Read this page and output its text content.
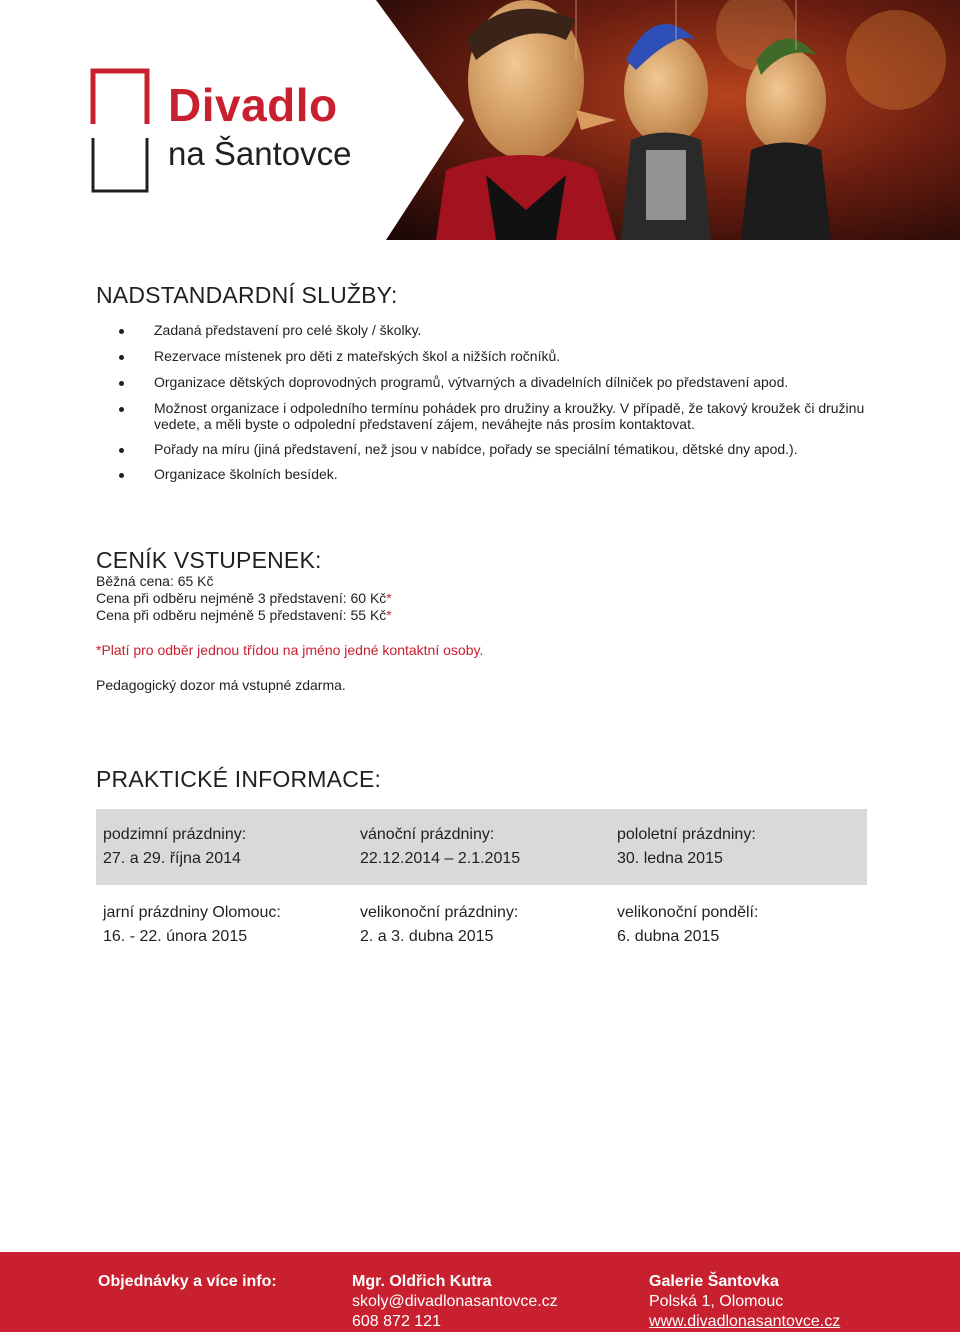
Divadlo
na Šantovce
NADSTANDARDNÍ SLUŽBY:
Zadaná představení pro celé školy / školky.
Rezervace místenek pro děti z mateřských škol a nižších ročníků.
Organizace dětských doprovodných programů, výtvarných a divadelních dílniček po představení apod.
Možnost organizace i odpoledního termínu pohádek pro družiny a kroužky. V případě, že takový kroužek či družinu vedete, a měli byste o odpolední představení zájem, neváhejte nás prosím kontaktovat.
Pořady na míru (jiná představení, než jsou v nabídce, pořady se speciální tématikou, dětské dny apod.).
Organizace školních besídek.
CENÍK VSTUPENEK:
Běžná cena: 65 Kč
Cena při odběru nejméně 3 představení: 60 Kč*
Cena při odběru nejméně 5 představení: 55 Kč*
*Platí pro odběr jednou třídou na jméno jedné kontaktní osoby.
Pedagogický dozor má vstupné zdarma.
PRAKTICKÉ INFORMACE:
podzimní prázdniny:
27. a 29. října 2014
vánoční prázdniny:
22.12.2014 – 2.1.2015
pololetní prázdniny:
30. ledna 2015
jarní prázdniny Olomouc:
16. - 22. února 2015
velikonoční prázdniny:
2. a 3. dubna 2015
velikonoční pondělí:
6. dubna 2015
Objednávky a více info:	Mgr. Oldřich Kutra
skoly@divadlonasantovce.cz
608 872 121
Galerie Šantovka
Polská 1, Olomouc
www.divadlonasantovce.cz
